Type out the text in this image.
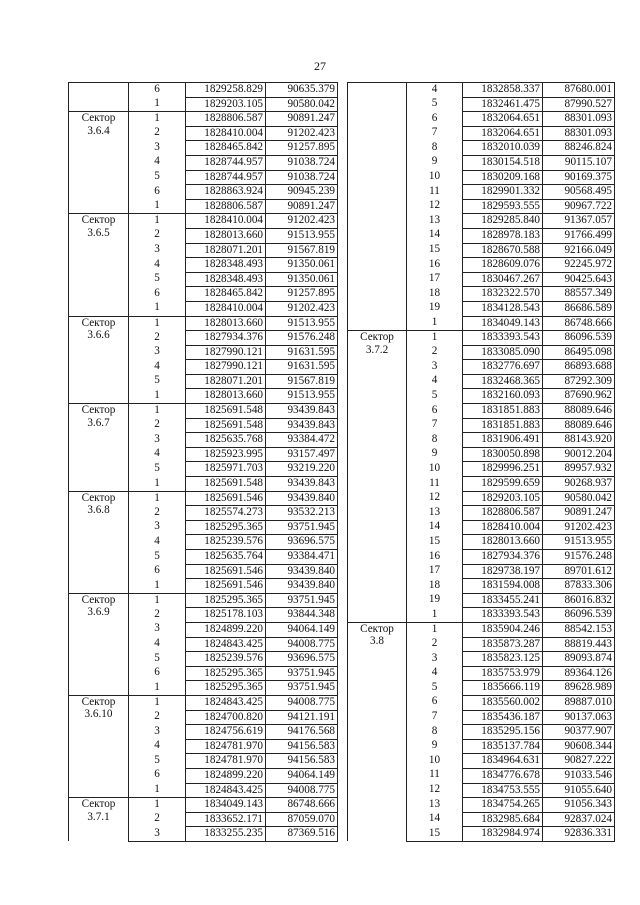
27
	6	1829258.829	90635.379
	1	1829203.105	90580.042

Сектор
3.6.4	1	1828806.587	90891.247
	2	1828410.004	91202.423
	3	1828465.842	91257.895
	4	1828744.957	91038.724
	5	1828744.957	91038.724
	6	1828863.924	90945.239
	1	1828806.587	90891.247

Сектор
3.6.5	1	1828410.004	91202.423
	2	1828013.660	91513.955
	3	1828071.201	91567.819
	4	1828348.493	91350.061
	5	1828348.493	91350.061
	6	1828465.842	91257.895
	1	1828410.004	91202.423

Сектор
3.6.6	1	1828013.660	91513.955
	2	1827934.376	91576.248
	3	1827990.121	91631.595
	4	1827990.121	91631.595
	5	1828071.201	91567.819
	1	1828013.660	91513.955

Сектор
3.6.7	1	1825691.548	93439.843
	2	1825691.548	93439.843
	3	1825635.768	93384.472
	4	1825923.995	93157.497
	5	1825971.703	93219.220
	1	1825691.548	93439.843

Сектор
3.6.8	1	1825691.546	93439.840
	2	1825574.273	93532.213
	3	1825295.365	93751.945
	4	1825239.576	93696.575
	5	1825635.764	93384.471
	6	1825691.546	93439.840
	1	1825691.546	93439.840

Сектор
3.6.9	1	1825295.365	93751.945
	2	1825178.103	93844.348
	3	1824899.220	94064.149
	4	1824843.425	94008.775
	5	1825239.576	93696.575
	6	1825295.365	93751.945
	1	1825295.365	93751.945

Сектор
3.6.10	1	1824843.425	94008.775
	2	1824700.820	94121.191
	3	1824756.619	94176.568
	4	1824781.970	94156.583
	5	1824781.970	94156.583
	6	1824899.220	94064.149
	1	1824843.425	94008.775

Сектор
3.7.1	1	1834049.143	86748.666
	2	1833652.171	87059.070
	3	1833255.235	87369.516
	4	1832858.337	87680.001
	5	1832461.475	87990.527
	6	1832064.651	88301.093
	7	1832064.651	88301.093
	8	1832010.039	88246.824
	9	1830154.518	90115.107
	10	1830209.168	90169.375
	11	1829901.332	90568.495
	12	1829593.555	90967.722
	13	1829285.840	91367.057
	14	1828978.183	91766.499
	15	1828670.588	92166.049
	16	1828609.076	92245.972
	17	1830467.267	90425.643
	18	1832322.570	88557.349
	19	1834128.543	86686.589
	1	1834049.143	86748.666

Сектор
3.7.2	1	1833393.543	86096.539
	2	1833085.090	86495.098
	3	1832776.697	86893.688
	4	1832468.365	87292.309
	5	1832160.093	87690.962
	6	1831851.883	88089.646
	7	1831851.883	88089.646
	8	1831906.491	88143.920
	9	1830050.898	90012.204
	10	1829996.251	89957.932
	11	1829599.659	90268.937
	12	1829203.105	90580.042
	13	1828806.587	90891.247
	14	1828410.004	91202.423
	15	1828013.660	91513.955
	16	1827934.376	91576.248
	17	1829738.197	89701.612
	18	1831594.008	87833.306
	19	1833455.241	86016.832
	1	1833393.543	86096.539

Сектор
3.8	1	1835904.246	88542.153
	2	1835873.287	88819.443
	3	1835823.125	89093.874
	4	1835753.979	89364.126
	5	1835666.119	89628.989
	6	1835560.002	89887.010
	7	1835436.187	90137.063
	8	1835295.156	90377.907
	9	1835137.784	90608.344
	10	1834964.631	90827.222
	11	1834776.678	91033.546
	12	1834753.555	91055.640
	13	1834754.265	91056.343
	14	1832985.684	92837.024
	15	1832984.974	92836.331
